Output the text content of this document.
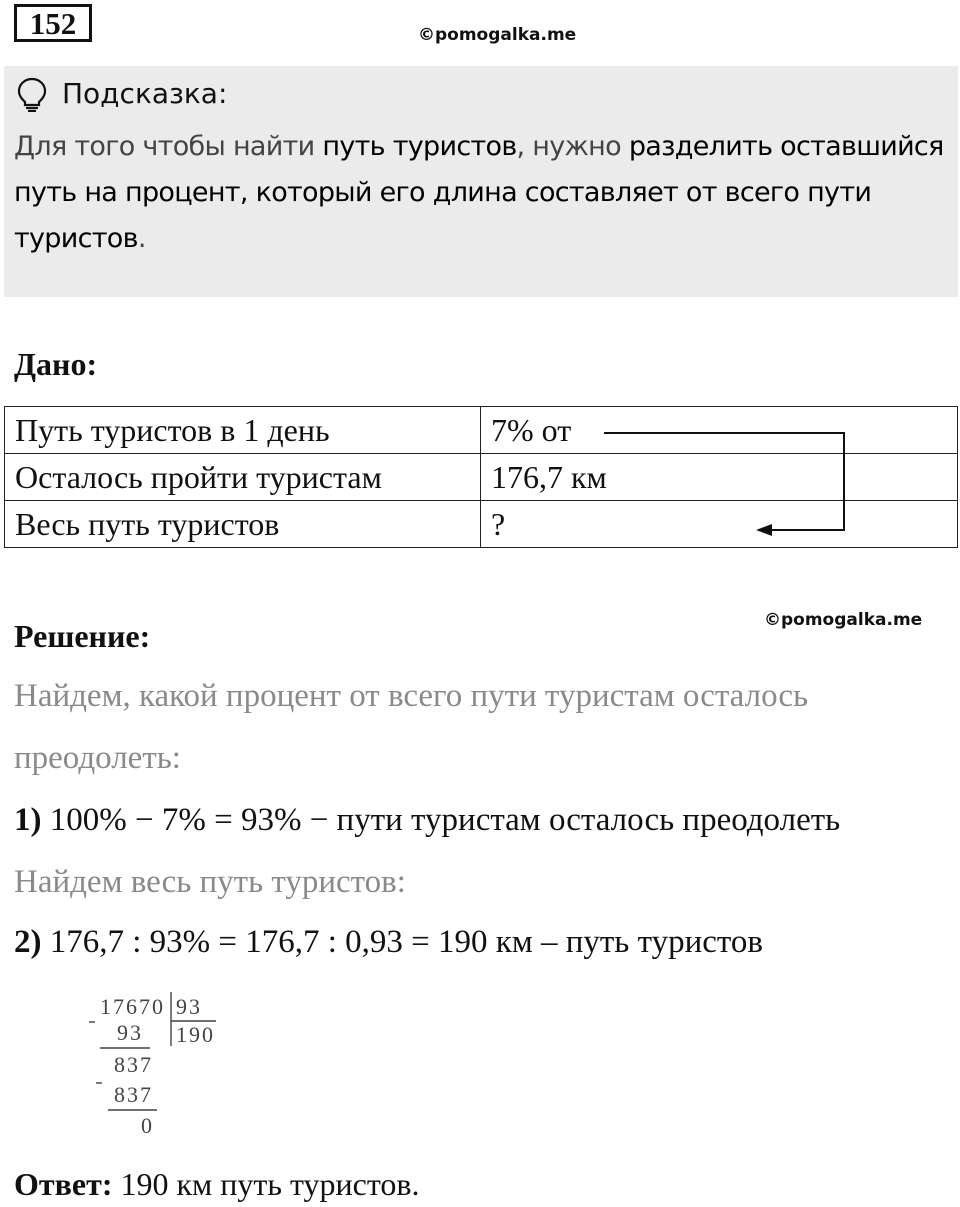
152	©pomogalka.me
Подсказка:
Для того чтобы найти путь туристов, нужно разделить оставшийся путь на процент, который его длина составляет от всего пути туристов.
Дано:
Путь туристов в 1 день	7% от
Осталось пройти туристам	176,7 км
Весь путь туристов	?
©pomogalka.me
Решение:
Найдем, какой процент от всего пути туристам осталось
преодолеть:
1) 100% − 7% = 93% − пути туристам осталось преодолеть
Найдем весь путь туристов:
2) 176,7 : 93% = 176,7 : 0,93 = 190 км – путь туристов
17670 93
190
93
837
837
0
Ответ: 190 км путь туристов.
